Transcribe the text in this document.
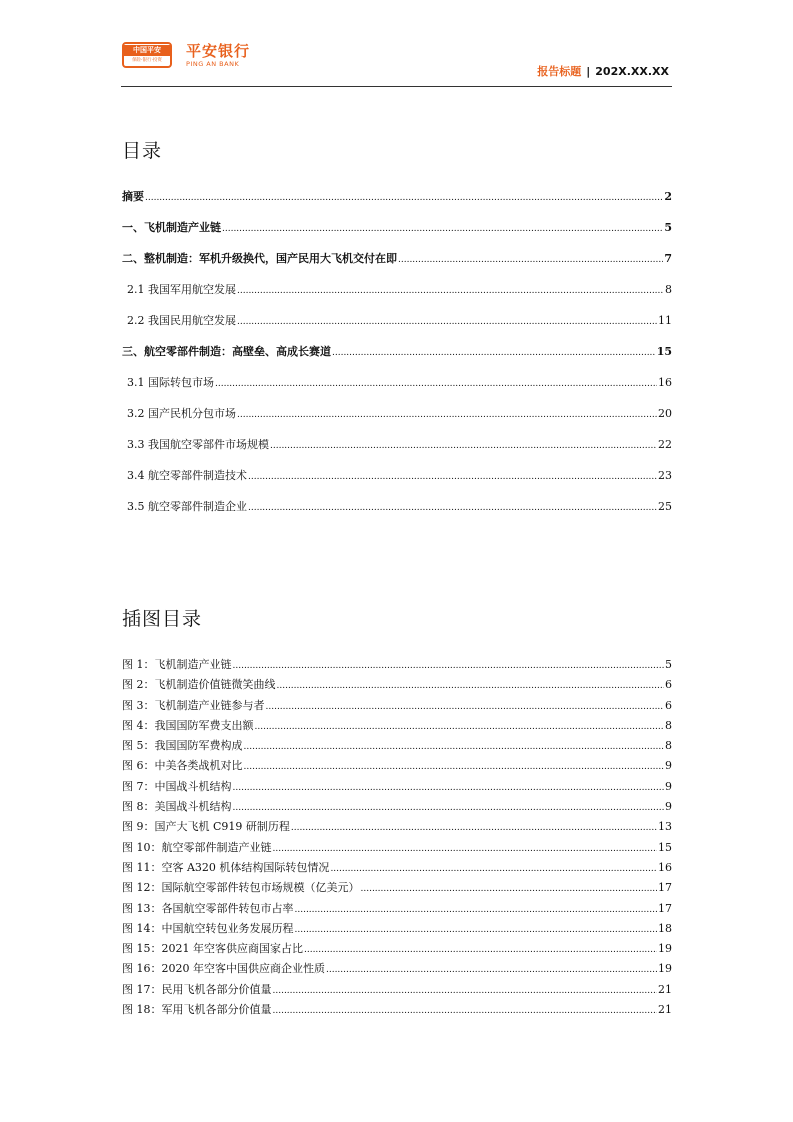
中国平安
保险·银行·投资
平安银行
PING AN BANK
报告标题 | 202X.XX.XX
目录
摘要 .....	2
一、飞机制造产业链 .....	5
二、整机制造：军机升级换代，国产民用大飞机交付在即 .....	7
2.1 我国军用航空发展 .....	8
2.2 我国民用航空发展 .....	11
三、航空零部件制造：高壁垒、高成长赛道 .....	15
3.1 国际转包市场 .....	16
3.2 国产民机分包市场 .....	20
3.3 我国航空零部件市场规模 .....	22
3.4 航空零部件制造技术 .....	23
3.5 航空零部件制造企业 .....	25
插图目录
图 1：飞机制造产业链 .....	5
图 2：飞机制造价值链微笑曲线 .....	6
图 3：飞机制造产业链参与者 .....	6
图 4：我国国防军费支出额 .....	8
图 5：我国国防军费构成 .....	8
图 6：中美各类战机对比 .....	9
图 7：中国战斗机结构 .....	9
图 8：美国战斗机结构 .....	9
图 9：国产大飞机 C919 研制历程 .....	13
图 10：航空零部件制造产业链 .....	15
图 11：空客 A320 机体结构国际转包情况 .....	16
图 12：国际航空零部件转包市场规模（亿美元） .....	17
图 13：各国航空零部件转包市占率 .....	17
图 14：中国航空转包业务发展历程 .....	18
图 15：2021 年空客供应商国家占比 .....	19
图 16：2020 年空客中国供应商企业性质 .....	19
图 17：民用飞机各部分价值量 .....	21
图 18：军用飞机各部分价值量 .....	21
